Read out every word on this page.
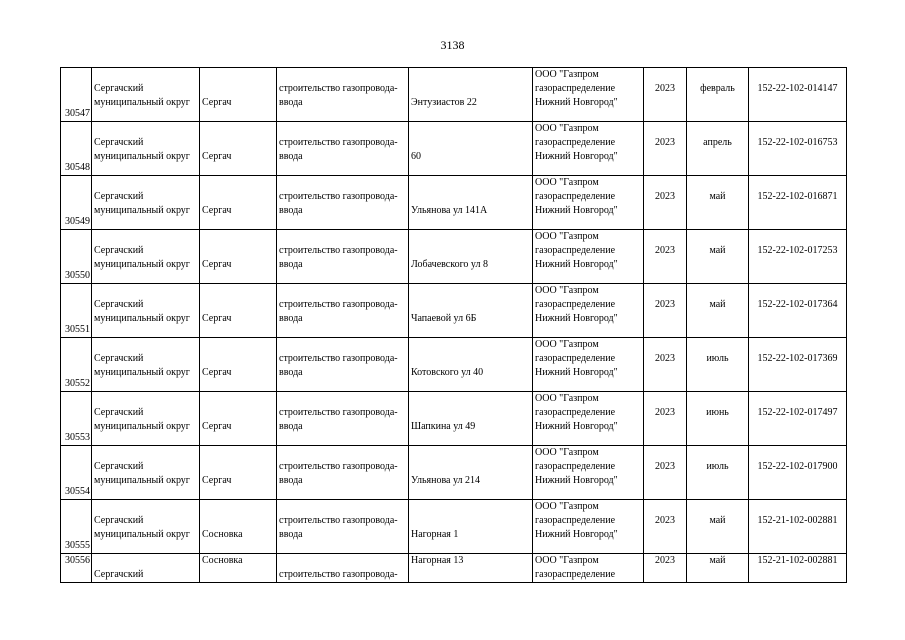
3138
30547	Сергачский муниципальный округ	Сергач	строительство газопровода-ввода	Энтузиастов 22	ООО "Газпром газораспределение Нижний Новгород"	2023	февраль	152-22-102-014147

30548	Сергачский муниципальный округ	Сергач	строительство газопровода-ввода	60	ООО "Газпром газораспределение Нижний Новгород"	2023	апрель	152-22-102-016753

30549	Сергачский муниципальный округ	Сергач	строительство газопровода-ввода	Ульянова ул 141А	ООО "Газпром газораспределение Нижний Новгород"	2023	май	152-22-102-016871

30550	Сергачский муниципальный округ	Сергач	строительство газопровода-ввода	Лобачевского ул 8	ООО "Газпром газораспределение Нижний Новгород"	2023	май	152-22-102-017253

30551	Сергачский муниципальный округ	Сергач	строительство газопровода-ввода	Чапаевой ул 6Б	ООО "Газпром газораспределение Нижний Новгород"	2023	май	152-22-102-017364

30552	Сергачский муниципальный округ	Сергач	строительство газопровода-ввода	Котовского ул 40	ООО "Газпром газораспределение Нижний Новгород"	2023	июль	152-22-102-017369

30553	Сергачский муниципальный округ	Сергач	строительство газопровода-ввода	Шапкина ул 49	ООО "Газпром газораспределение Нижний Новгород"	2023	июнь	152-22-102-017497

30554	Сергачский муниципальный округ	Сергач	строительство газопровода-ввода	Ульянова ул 214	ООО "Газпром газораспределение Нижний Новгород"	2023	июль	152-22-102-017900

30555	Сергачский муниципальный округ	Сосновка	строительство газопровода-ввода	Нагорная 1	ООО "Газпром газораспределение Нижний Новгород"	2023	май	152-21-102-002881

30556	Сергачский	Сосновка	строительство газопровода-	Нагорная 13	ООО "Газпром газораспределение	2023	май	152-21-102-002881
